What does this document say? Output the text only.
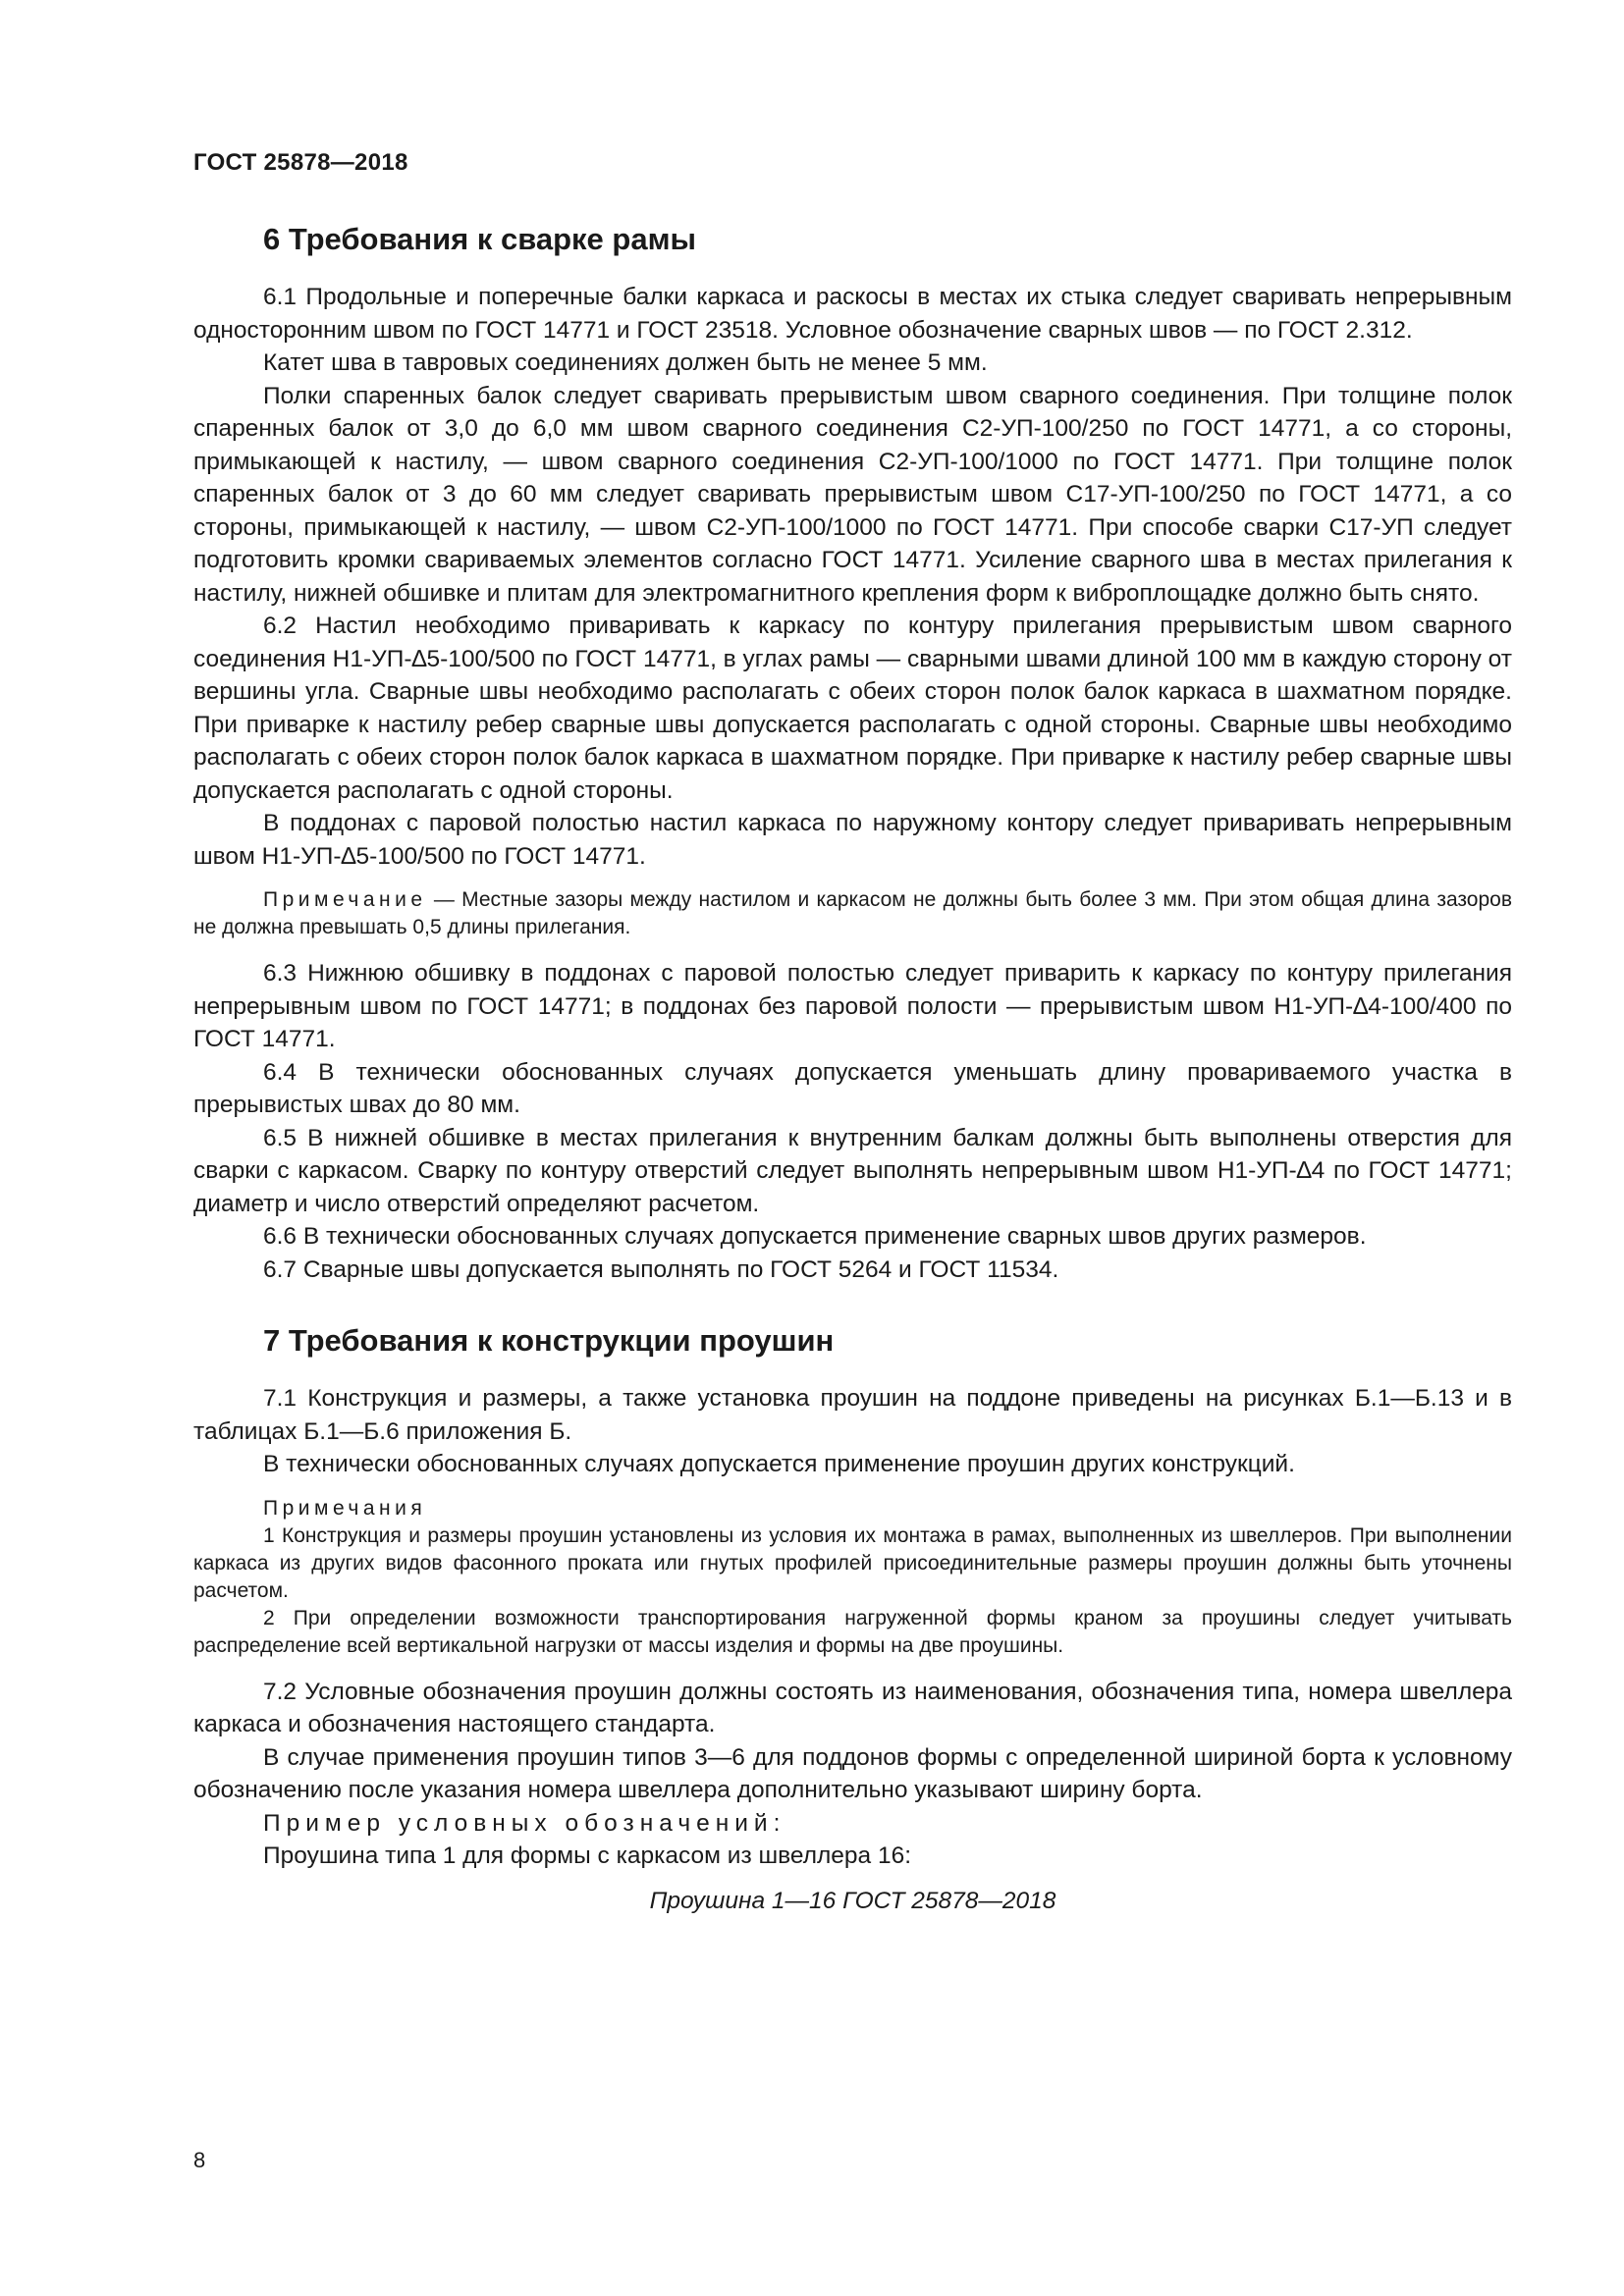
ГОСТ 25878—2018
6 Требования к сварке рамы

6.1 Продольные и поперечные балки каркаса и раскосы в местах их стыка следует сваривать непрерывным односторонним швом по ГОСТ 14771 и ГОСТ 23518. Условное обозначение сварных швов — по ГОСТ 2.312.

Катет шва в тавровых соединениях должен быть не менее 5 мм.

Полки спаренных балок следует сваривать прерывистым швом сварного соединения. При толщине полок спаренных балок от 3,0 до 6,0 мм швом сварного соединения С2-УП-100/250 по ГОСТ 14771, а со стороны, примыкающей к настилу, — швом сварного соединения С2-УП-100/1000 по ГОСТ 14771. При толщине полок спаренных балок от 3 до 60 мм следует сваривать прерывистым швом С17-УП-100/250 по ГОСТ 14771, а со стороны, примыкающей к настилу, — швом С2-УП-100/1000 по ГОСТ 14771. При способе сварки С17-УП следует подготовить кромки свариваемых элементов согласно ГОСТ 14771. Усиление сварного шва в местах прилегания к настилу, нижней обшивке и плитам для электромагнитного крепления форм к виброплощадке должно быть снято.

6.2 Настил необходимо приваривать к каркасу по контуру прилегания прерывистым швом сварного соединения Н1-УП-∆5-100/500 по ГОСТ 14771, в углах рамы — сварными швами длиной 100 мм в каждую сторону от вершины угла. Сварные швы необходимо располагать с обеих сторон полок балок каркаса в шахматном порядке. При приварке к настилу ребер сварные швы допускается располагать с одной стороны. Сварные швы необходимо располагать с обеих сторон полок балок каркаса в шахматном порядке. При приварке к настилу ребер сварные швы допускается располагать с одной стороны.

В поддонах с паровой полостью настил каркаса по наружному контору следует приваривать непрерывным швом Н1-УП-∆5-100/500 по ГОСТ 14771.

Примечание — Местные зазоры между настилом и каркасом не должны быть более 3 мм. При этом общая длина зазоров не должна превышать 0,5 длины прилегания.

6.3 Нижнюю обшивку в поддонах с паровой полостью следует приварить к каркасу по контуру прилегания непрерывным швом по ГОСТ 14771; в поддонах без паровой полости — прерывистым швом Н1-УП-∆4-100/400 по ГОСТ 14771.

6.4 В технически обоснованных случаях допускается уменьшать длину провариваемого участка в прерывистых швах до 80 мм.

6.5 В нижней обшивке в местах прилегания к внутренним балкам должны быть выполнены отверстия для сварки с каркасом. Сварку по контуру отверстий следует выполнять непрерывным швом Н1-УП-∆4 по ГОСТ 14771; диаметр и число отверстий определяют расчетом.

6.6 В технически обоснованных случаях допускается применение сварных швов других размеров.

6.7 Сварные швы допускается выполнять по ГОСТ 5264 и ГОСТ 11534.

7 Требования к конструкции проушин

7.1 Конструкция и размеры, а также установка проушин на поддоне приведены на рисунках Б.1—Б.13 и в таблицах Б.1—Б.6 приложения Б.

В технически обоснованных случаях допускается применение проушин других конструкций.

Примечания

1 Конструкция и размеры проушин установлены из условия их монтажа в рамах, выполненных из швеллеров. При выполнении каркаса из других видов фасонного проката или гнутых профилей присоединительные размеры проушин должны быть уточнены расчетом.

2 При определении возможности транспортирования нагруженной формы краном за проушины следует учитывать распределение всей вертикальной нагрузки от массы изделия и формы на две проушины.

7.2 Условные обозначения проушин должны состоять из наименования, обозначения типа, номера швеллера каркаса и обозначения настоящего стандарта.

В случае применения проушин типов 3—6 для поддонов формы с определенной шириной борта к условному обозначению после указания номера швеллера дополнительно указывают ширину борта.

Пример условных обозначений:

Проушина типа 1 для формы с каркасом из швеллера 16:

Проушина 1—16 ГОСТ 25878—2018

8
